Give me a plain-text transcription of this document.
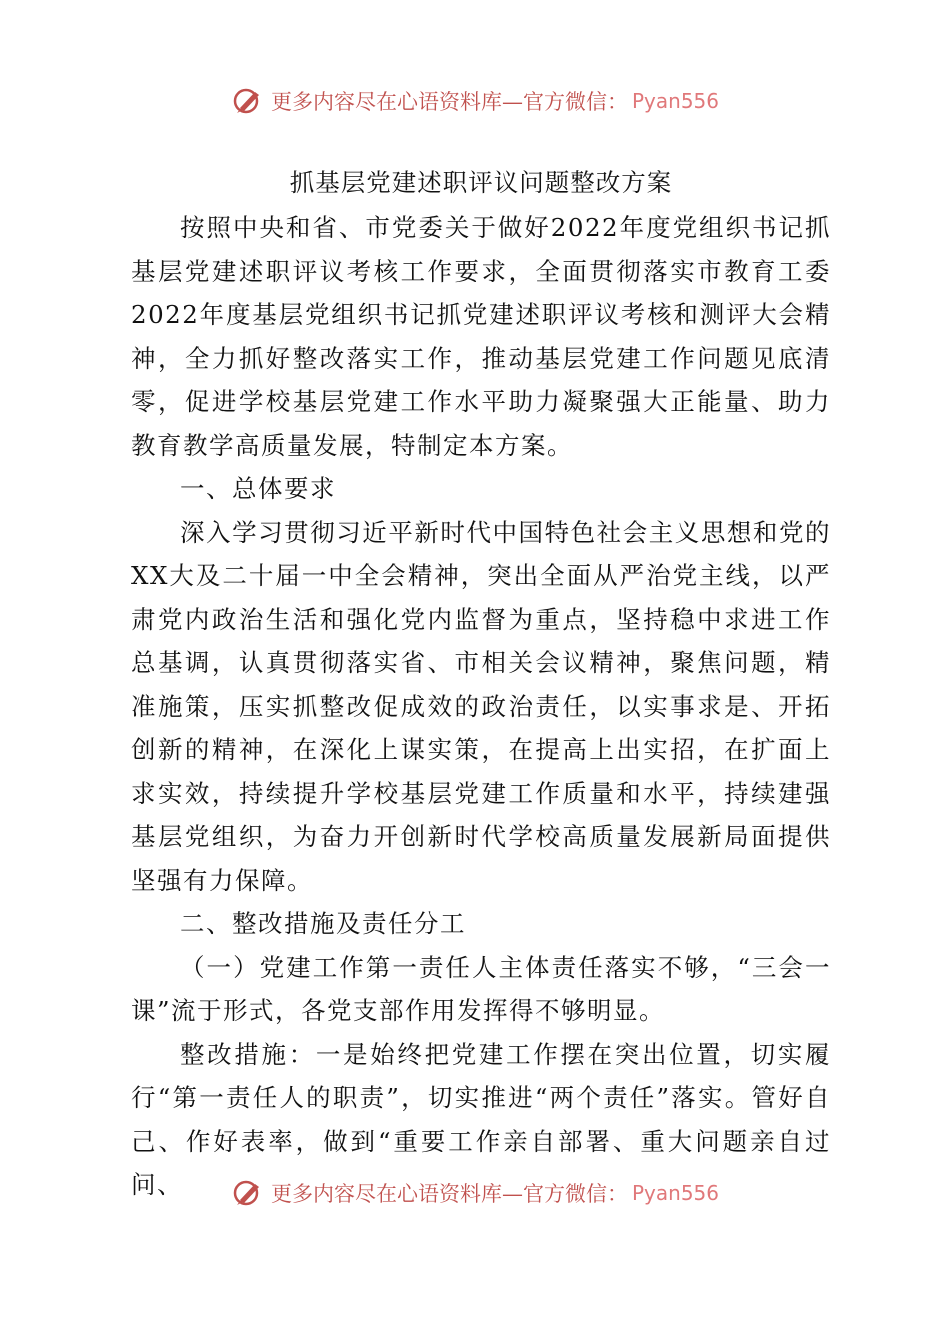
更多内容尽在心语资料库—官方微信： Pyan556
抓基层党建述职评议问题整改方案
按照中央和省、市党委关于做好2022年度党组织书记抓基层党建述职评议考核工作要求，全面贯彻落实市教育工委2022年度基层党组织书记抓党建述职评议考核和测评大会精神，全力抓好整改落实工作，推动基层党建工作问题见底清零，促进学校基层党建工作水平助力凝聚强大正能量、助力教育教学高质量发展，特制定本方案。
一、总体要求
深入学习贯彻习近平新时代中国特色社会主义思想和党的XX大及二十届一中全会精神，突出全面从严治党主线，以严肃党内政治生活和强化党内监督为重点，坚持稳中求进工作总基调，认真贯彻落实省、市相关会议精神，聚焦问题，精准施策，压实抓整改促成效的政治责任，以实事求是、开拓创新的精神，在深化上谋实策，在提高上出实招，在扩面上求实效，持续提升学校基层党建工作质量和水平，持续建强基层党组织，为奋力开创新时代学校高质量发展新局面提供坚强有力保障。
二、整改措施及责任分工
（一）党建工作第一责任人主体责任落实不够，“三会一课”流于形式，各党支部作用发挥得不够明显。
整改措施：一是始终把党建工作摆在突出位置，切实履行“第一责任人的职责”，切实推进“两个责任”落实。管好自己、作好表率，做到“重要工作亲自部署、重大问题亲自过问、	更多内容尽在心语资料库—官方微信： Pyan556
